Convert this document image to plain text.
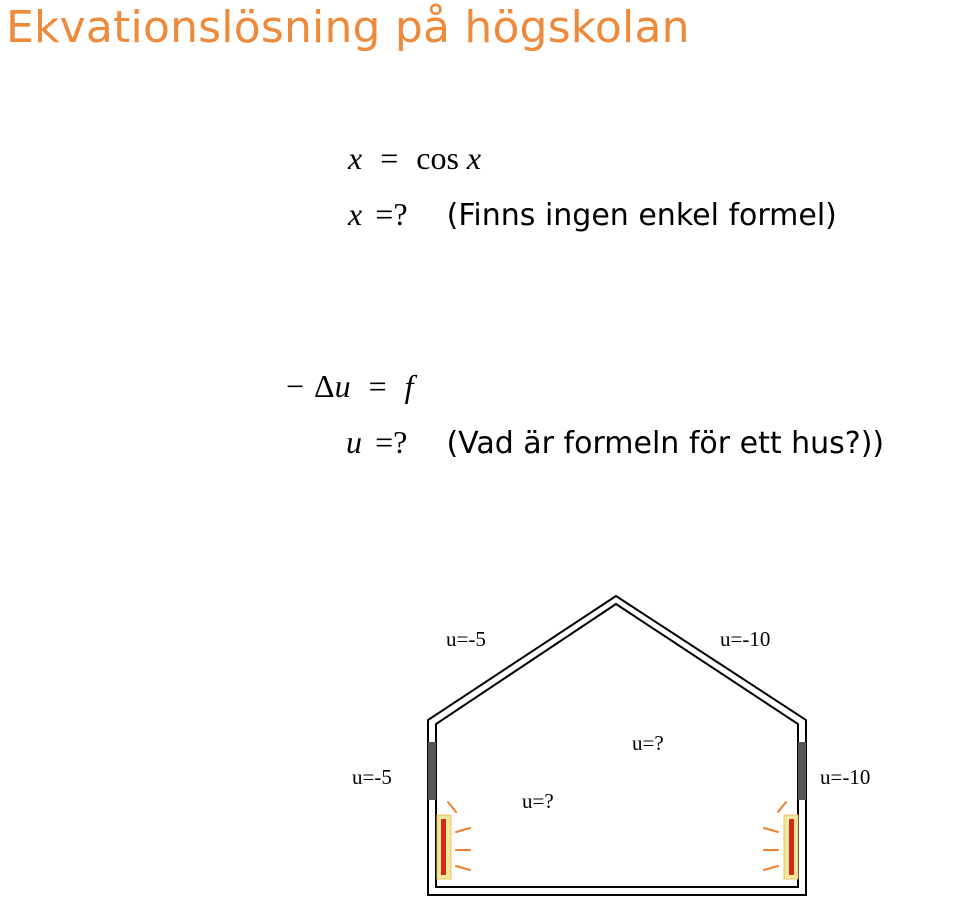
Ekvationslösning på högskolan
x = cos x
x =? (Finns ingen enkel formel)
− Δu = f
u =? (Vad är formeln för ett hus?))
u=-5	u=-10
u=-5	u=-10
u=?
u=?
